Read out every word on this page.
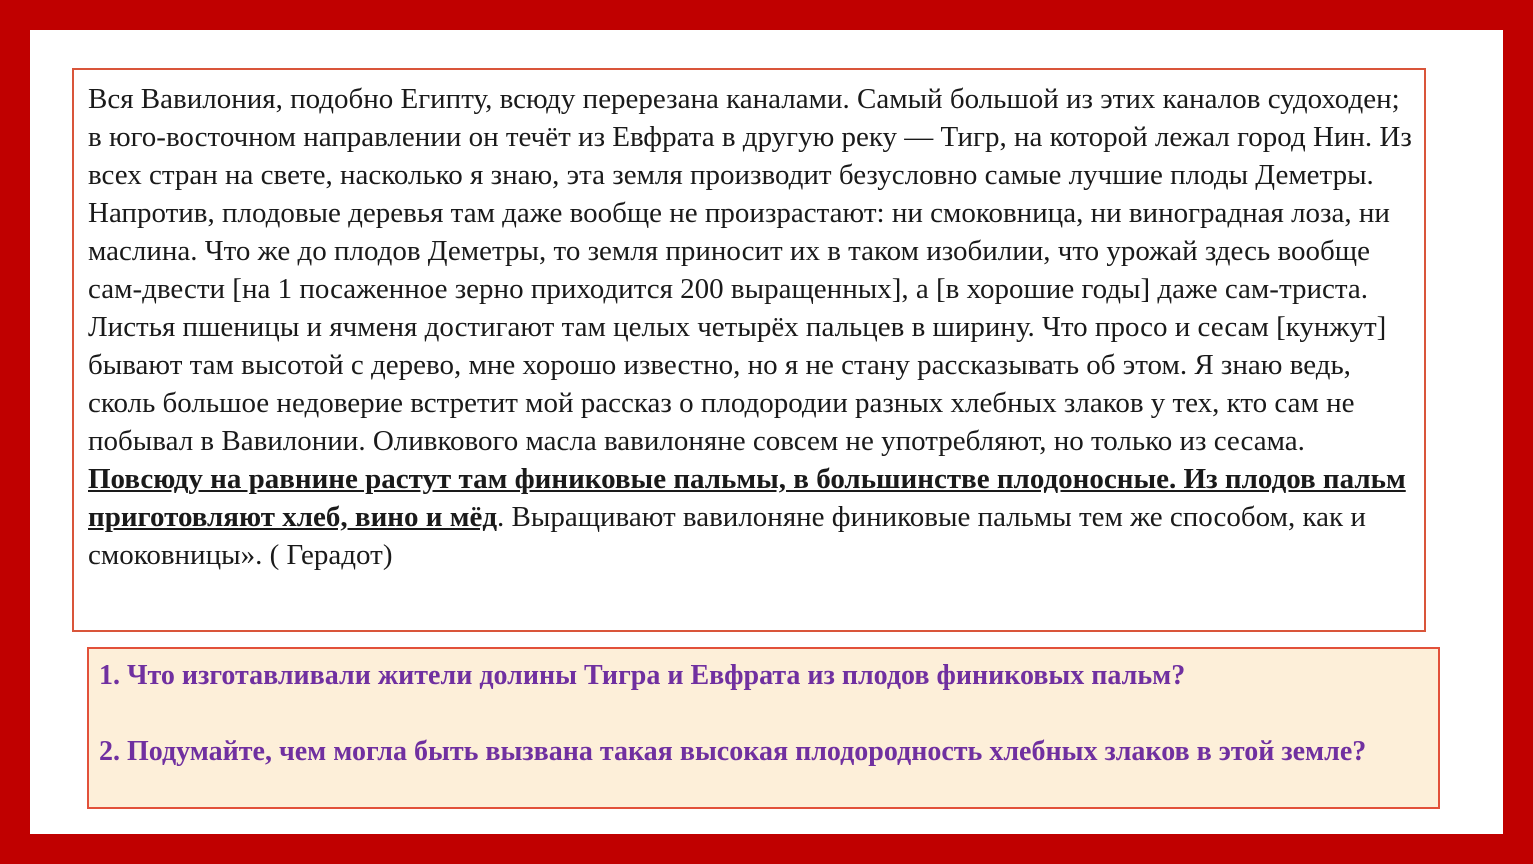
Вся Вавилония, подобно Египту, всюду перерезана каналами. Самый большой из этих каналов судоходен; в юго-восточном направлении он течёт из Евфрата в другую реку — Тигр, на которой лежал город Нин. Из всех стран на свете, насколько я знаю, эта земля производит безусловно самые лучшие плоды Деметры. Напротив, плодовые деревья там даже вообще не произрастают: ни смоковница, ни виноградная лоза, ни маслина. Что же до плодов Деметры, то земля приносит их в таком изобилии, что урожай здесь вообще сам-двести [на 1 посаженное зерно приходится 200 выращенных], а [в хорошие годы] даже сам-триста. Листья пшеницы и ячменя достигают там целых четырёх пальцев в ширину. Что просо и сесам [кунжут] бывают там высотой с дерево, мне хорошо известно, но я не стану рассказывать об этом. Я знаю ведь, сколь большое недоверие встретит мой рассказ о плодородии разных хлебных злаков у тех, кто сам не побывал в Вавилонии. Оливкового масла вавилоняне совсем не употребляют, но только из сесама. Повсюду на равнине растут там финиковые пальмы, в большинстве плодоносные. Из плодов пальм приготовляют хлеб, вино и мёд. Выращивают вавилоняне финиковые пальмы тем же способом, как и смоковницы». ( Герадот)

1. Что изготавливали жители долины Тигра и Евфрата из плодов финиковых пальм?

2. Подумайте, чем могла быть вызвана такая высокая плодородность хлебных злаков в этой земле?
